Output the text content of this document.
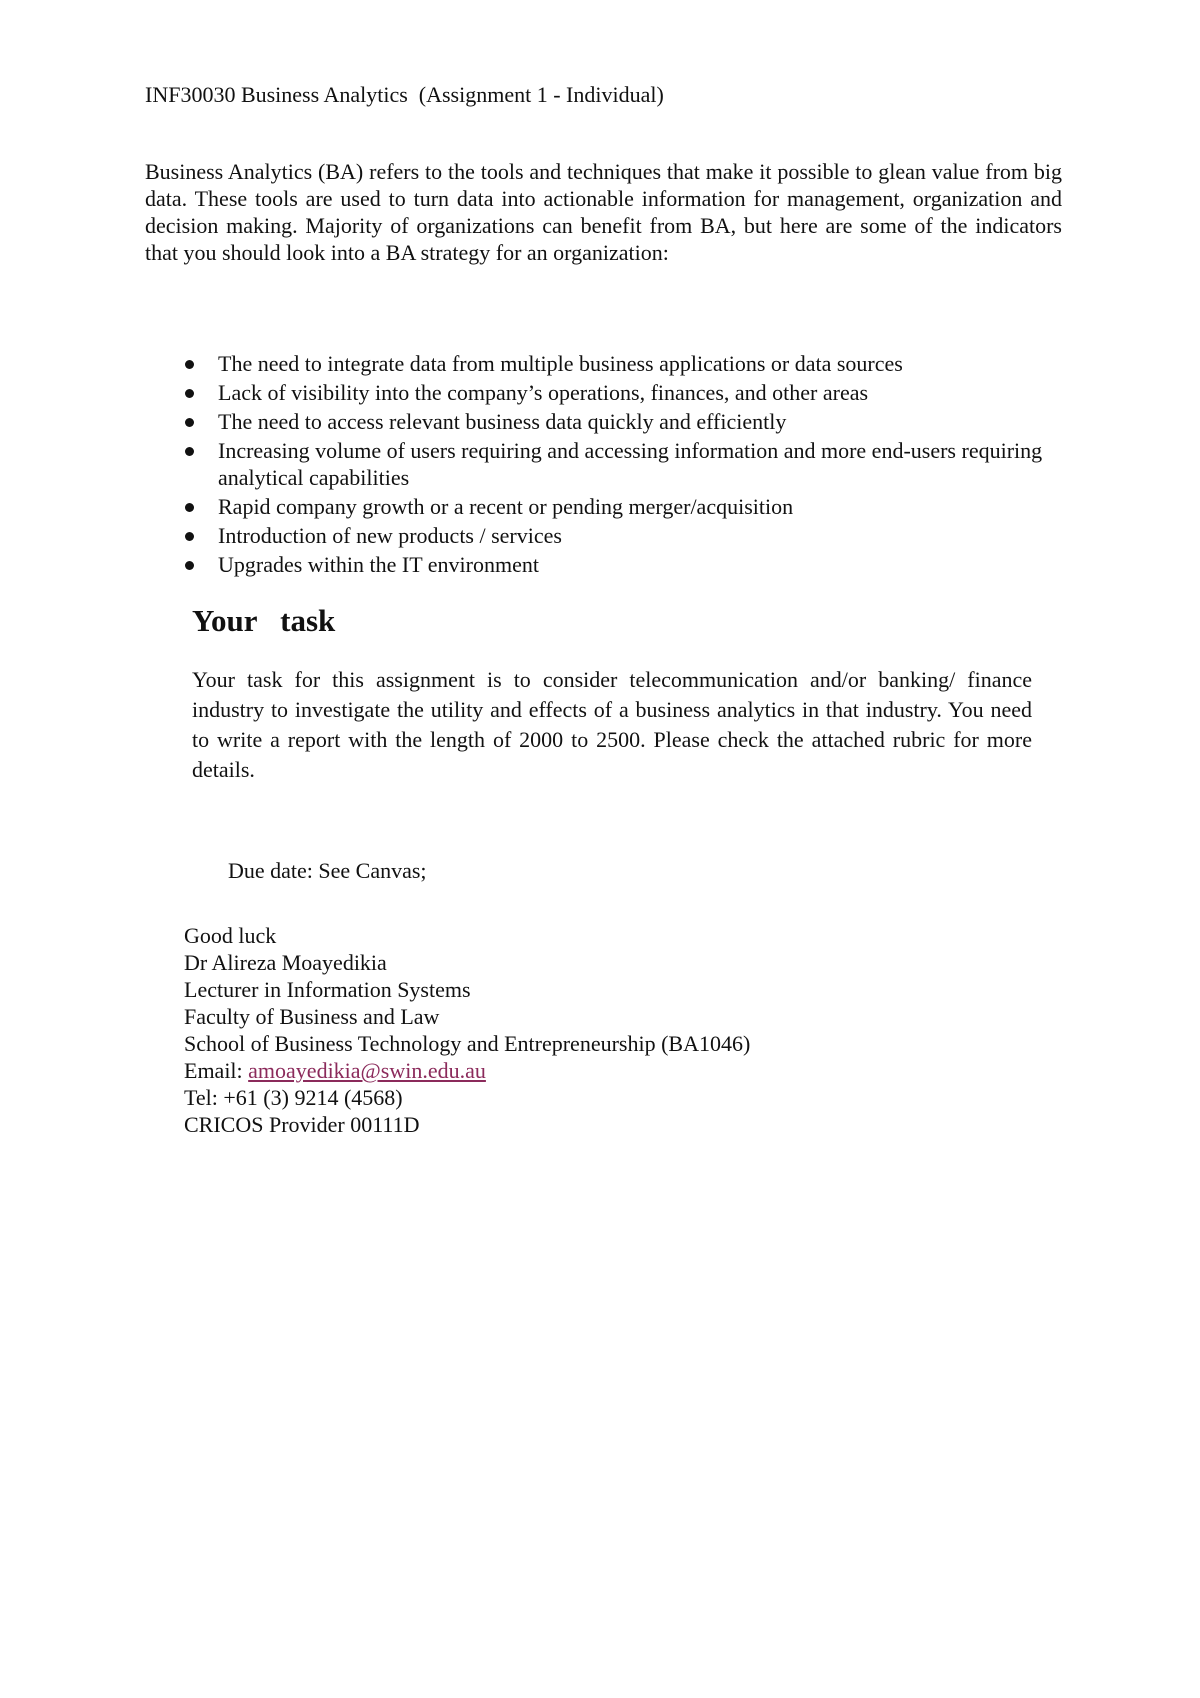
INF30030 Business Analytics  (Assignment 1 - Individual)

Business Analytics (BA) refers to the tools and techniques that make it possible to glean value from big data. These tools are used to turn data into actionable information for management, organization and decision making. Majority of organizations can benefit from BA, but here are some of the indicators that you should look into a BA strategy for an organization:

The need to integrate data from multiple business applications or data sources
Lack of visibility into the company’s operations, finances, and other areas
The need to access relevant business data quickly and efficiently
Increasing volume of users requiring and accessing information and more end-users requiring analytical capabilities
Rapid company growth or a recent or pending merger/acquisition
Introduction of new products / services
Upgrades within the IT environment
Your   task

Your task for this assignment is to consider telecommunication and/or banking/ finance industry to investigate the utility and effects of a business analytics in that industry. You need to write a report with the length of 2000 to 2500. Please check the attached rubric for more details.

Due date: See Canvas;

Good luck
Dr Alireza Moayedikia
Lecturer in Information Systems
Faculty of Business and Law
School of Business Technology and Entrepreneurship (BA1046)
Email: amoayedikia@swin.edu.au
Tel: +61 (3) 9214 (4568)
CRICOS Provider 00111D
